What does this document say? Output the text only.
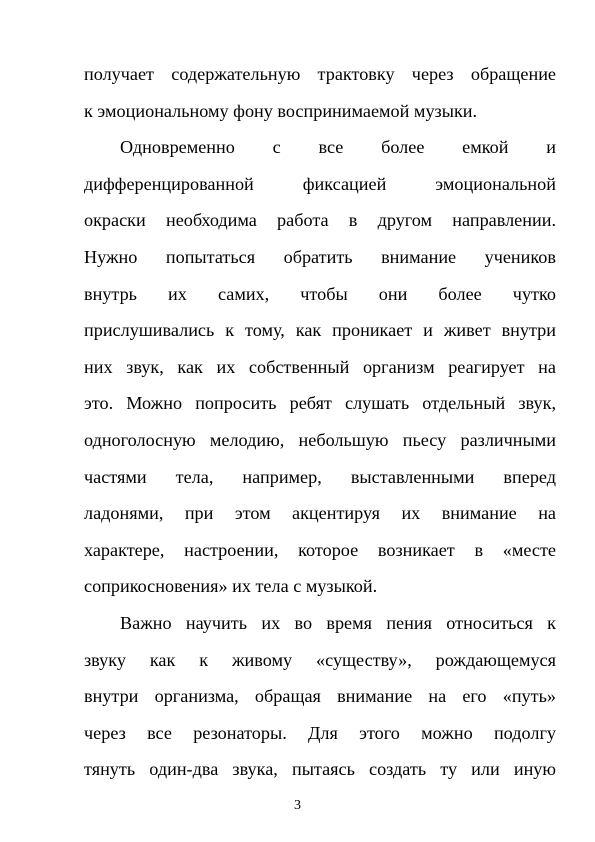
получает содержательную трактовку через обращение
к эмоциональному фону воспринимаемой музыки.
Одновременно с все более емкой и
дифференцированной фиксацией эмоциональной
окраски необходима работа в другом направлении.
Нужно попытаться обратить внимание учеников
внутрь их самих, чтобы они более чутко
прислушивались к тому, как проникает и живет внутри
них звук, как их собственный организм реагирует на
это. Можно попросить ребят слушать отдельный звук,
одноголосную мелодию, небольшую пьесу различными
частями тела, например, выставленными вперед
ладонями, при этом акцентируя их внимание на
характере, настроении, которое возникает в «месте
соприкосновения» их тела с музыкой.
Важно научить их во время пения относиться к
звуку как к живому «существу», рождающемуся
внутри организма, обращая внимание на его «путь»
через все резонаторы. Для этого можно подолгу
тянуть один-два звука, пытаясь создать ту или иную
3
